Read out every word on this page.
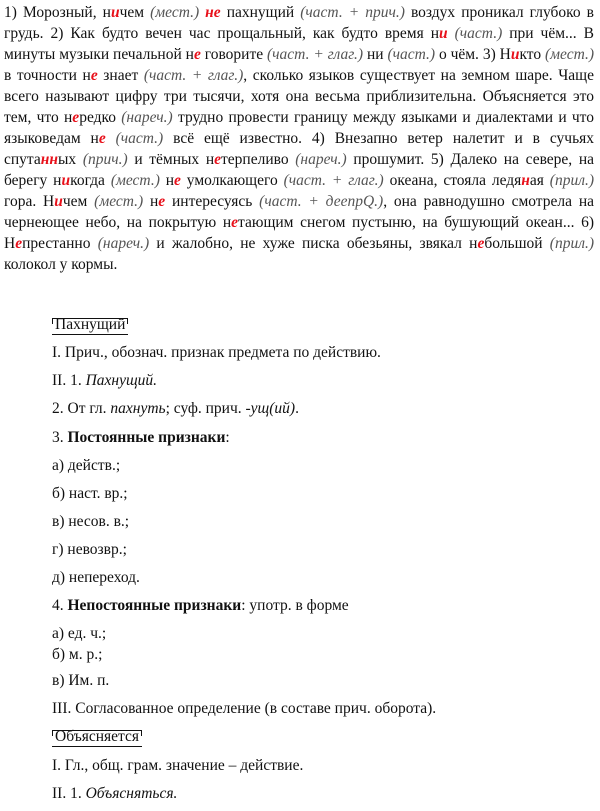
1) Морозный, ничем (мест.) не пахнущий (част. + прич.) воздух проникал глубоко в грудь. 2) Как будто вечен час прощальный, как будто время ни (част.) при чём... В минуты музыки печальной не говорите (част. + глаг.) ни (част.) о чём. 3) Никто (мест.) в точности не знает (част. + глаг.), сколько языков существует на земном шаре. Чаще всего называют цифру три тысячи, хотя она весьма приблизительна. Объясняется это тем, что нередко (нареч.) трудно провести границу между языками и диалектами и что языковедам не (част.) всё ещё известно. 4) Внезапно ветер налетит и в сучьях спутанных (прич.) и тёмных нетерпеливо (нареч.) прошумит. 5) Далеко на севере, на берегу никогда (мест.) не умолкающего (част. + глаг.) океана, стояла ледяная (прил.) гора. Ничем (мест.) не интересуясь (част. + деепрQ.), она равнодушно смотрела на чернеющее небо, на покрытую нетающим снегом пустыню, на бушующий океан... 6) Непрестанно (нареч.) и жалобно, не хуже писка обезьяны, звякал небольшой (прил.) колокол у кормы.
Пахнущий
I. Прич., обознач. признак предмета по действию.
II. 1. Пахнущий.
2. От гл. пахнуть; суф. прич. -ущ(ий).
3. Постоянные признаки:
а) действ.;
б) наст. вр.;
в) несов. в.;
г) невозвр.;
д) непереход.
4. Непостоянные признаки: употр. в форме
а) ед. ч.;
б) м. р.;
в) Им. п.
III. Согласованное определение (в составе прич. оборота).
Объясняется
I. Гл., общ. грам. значение – действие.
II. 1. Объясняться.
